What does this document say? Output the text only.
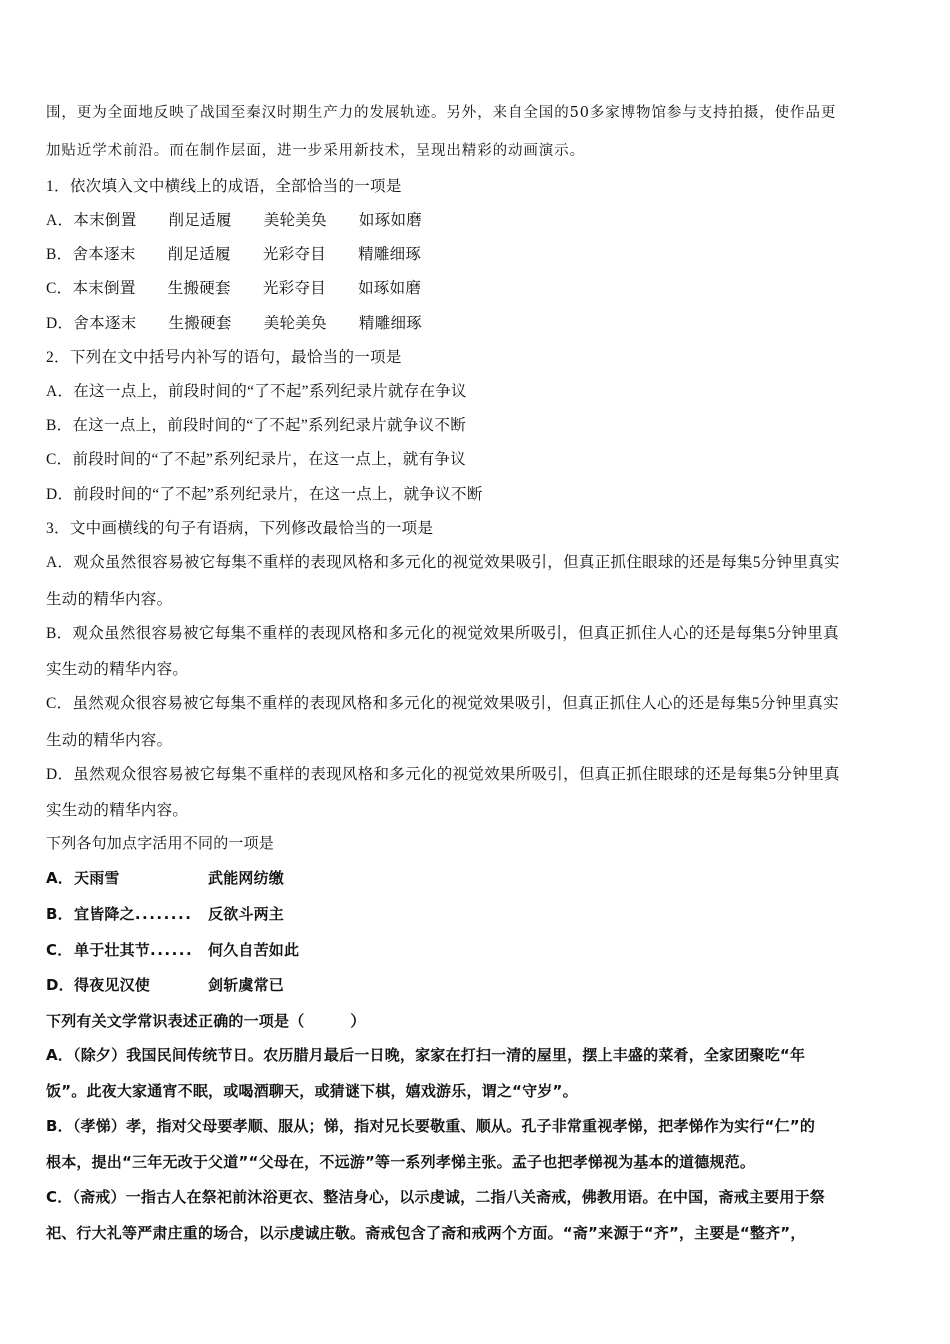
围，更为全面地反映了战国至秦汉时期生产力的发展轨迹。另外，来自全国的50多家博物馆参与支持拍摄，使作品更
加贴近学术前沿。而在制作层面，进一步采用新技术，呈现出精彩的动画演示。
1．依次填入文中横线上的成语，全部恰当的一项是
A．本末倒置 削足适履 美轮美奂 如琢如磨
B．舍本逐末 削足适履 光彩夺目 精雕细琢
C．本末倒置 生搬硬套 光彩夺目 如琢如磨
D．舍本逐末 生搬硬套 美轮美奂 精雕细琢
2．下列在文中括号内补写的语句，最恰当的一项是
A．在这一点上，前段时间的“了不起”系列纪录片就存在争议
B．在这一点上，前段时间的“了不起”系列纪录片就争议不断
C．前段时间的“了不起”系列纪录片，在这一点上，就有争议
D．前段时间的“了不起”系列纪录片，在这一点上，就争议不断
3．文中画横线的句子有语病，下列修改最恰当的一项是
A．观众虽然很容易被它每集不重样的表现风格和多元化的视觉效果吸引，但真正抓住眼球的还是每集5分钟里真实
生动的精华内容。
B．观众虽然很容易被它每集不重样的表现风格和多元化的视觉效果所吸引，但真正抓住人心的还是每集5分钟里真
实生动的精华内容。
C．虽然观众很容易被它每集不重样的表现风格和多元化的视觉效果吸引，但真正抓住人心的还是每集5分钟里真实
生动的精华内容。
D．虽然观众很容易被它每集不重样的表现风格和多元化的视觉效果所吸引，但真正抓住眼球的还是每集5分钟里真
实生动的精华内容。
下列各句加点字活用不同的一项是
A． 天雨雪	武能网纺缴

B． 宜皆降之........ 反欲斗两主

C． 单于壮其节...... 何久自苦如此

D． 得夜见汉使	剑斩虞常已

下列有关文学常识表述正确的一项是（	）
A．（除夕）我国民间传统节日。农历腊月最后一日晚，家家在打扫一清的屋里，摆上丰盛的菜肴，全家团聚吃“年
饭”。此夜大家通宵不眠，或喝酒聊天，或猜谜下棋，嬉戏游乐，谓之“守岁”。
B．（孝悌）孝，指对父母要孝顺、服从；悌，指对兄长要敬重、顺从。孔子非常重视孝悌，把孝悌作为实行“仁”的
根本，提出“三年无改于父道”“父母在，不远游”等一系列孝悌主张。孟子也把孝悌视为基本的道德规范。
C．（斋戒）一指古人在祭祀前沐浴更衣、整洁身心，以示虔诚，二指八关斋戒，佛教用语。在中国，斋戒主要用于祭
祀、行大礼等严肃庄重的场合，以示虔诚庄敬。斋戒包含了斋和戒两个方面。“斋”来源于“齐”，主要是“整齐”，
